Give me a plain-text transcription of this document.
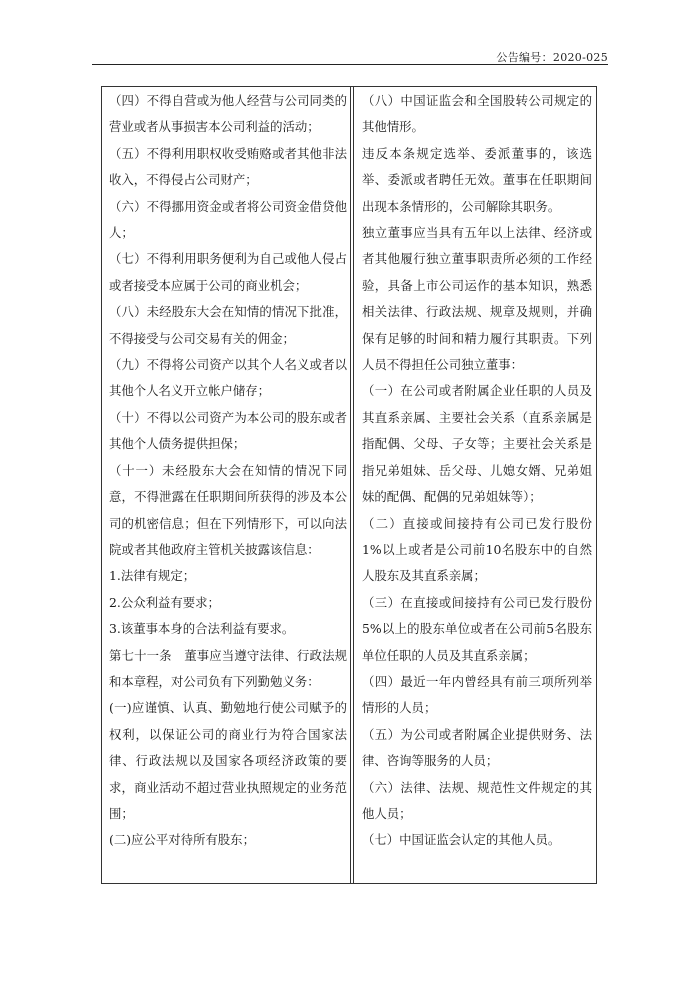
公告编号：2020-025

（四）不得自营或为他人经营与公司同类的营业或者从事损害本公司利益的活动；

（五）不得利用职权收受贿赂或者其他非法收入，不得侵占公司财产；

（六）不得挪用资金或者将公司资金借贷他人；

（七）不得利用职务便利为自己或他人侵占或者接受本应属于公司的商业机会；

（八）未经股东大会在知情的情况下批准，不得接受与公司交易有关的佣金；

（九）不得将公司资产以其个人名义或者以其他个人名义开立帐户储存；

（十）不得以公司资产为本公司的股东或者其他个人债务提供担保；

（十一）未经股东大会在知情的情况下同意，不得泄露在任职期间所获得的涉及本公司的机密信息；但在下列情形下，可以向法院或者其他政府主管机关披露该信息：

1.法律有规定；

2.公众利益有要求；

3.该董事本身的合法利益有要求。

第七十一条　董事应当遵守法律、行政法规和本章程，对公司负有下列勤勉义务：

(一)应谨慎、认真、勤勉地行使公司赋予的权利，以保证公司的商业行为符合国家法律、行政法规以及国家各项经济政策的要求，商业活动不超过营业执照规定的业务范围；

(二)应公平对待所有股东；

（八）中国证监会和全国股转公司规定的其他情形。

违反本条规定选举、委派董事的，该选举、委派或者聘任无效。董事在任职期间出现本条情形的，公司解除其职务。

独立董事应当具有五年以上法律、经济或者其他履行独立董事职责所必须的工作经验，具备上市公司运作的基本知识，熟悉相关法律、行政法规、规章及规则，并确保有足够的时间和精力履行其职责。下列人员不得担任公司独立董事：

（一）在公司或者附属企业任职的人员及其直系亲属、主要社会关系（直系亲属是指配偶、父母、子女等；主要社会关系是指兄弟姐妹、岳父母、儿媳女婿、兄弟姐妹的配偶、配偶的兄弟姐妹等）；

（二）直接或间接持有公司已发行股份1%以上或者是公司前10名股东中的自然人股东及其直系亲属；

（三）在直接或间接持有公司已发行股份5%以上的股东单位或者在公司前5名股东单位任职的人员及其直系亲属；

（四）最近一年内曾经具有前三项所列举情形的人员；

（五）为公司或者附属企业提供财务、法律、咨询等服务的人员；

（六）法律、法规、规范性文件规定的其他人员；

（七）中国证监会认定的其他人员。
